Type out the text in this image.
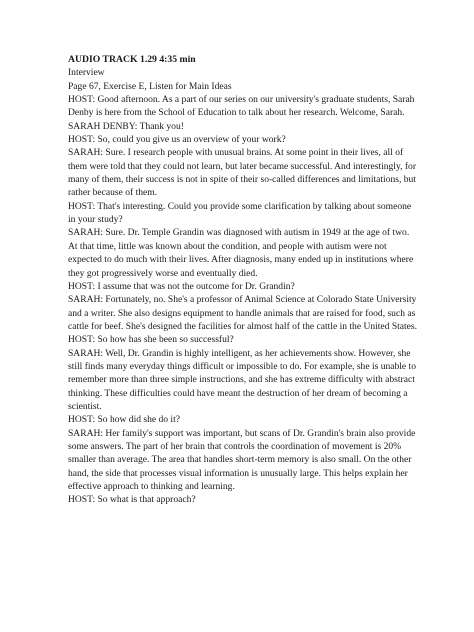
AUDIO TRACK 1.29 4:35 min

Interview

Page 67, Exercise E, Listen for Main Ideas

HOST: Good afternoon. As a part of our series on our university's graduate students, Sarah Denby is here from the School of Education to talk about her research. Welcome, Sarah.

SARAH DENBY: Thank you!

HOST: So, could you give us an overview of your work?

SARAH: Sure. I research people with unusual brains. At some point in their lives, all of them were told that they could not learn, but later became successful. And interestingly, for many of them, their success is not in spite of their so-called differences and limitations, but rather because of them.

HOST: That's interesting. Could you provide some clarification by talking about someone in your study?

SARAH: Sure. Dr. Temple Grandin was diagnosed with autism in 1949 at the age of two. At that time, little was known about the condition, and people with autism were not expected to do much with their lives. After diagnosis, many ended up in institutions where they got progressively worse and eventually died.

HOST: I assume that was not the outcome for Dr. Grandin?

SARAH: Fortunately, no. She's a professor of Animal Science at Colorado State University and a writer. She also designs equipment to handle animals that are raised for food, such as cattle for beef. She's designed the facilities for almost half of the cattle in the United States.

HOST: So how has she been so successful?

SARAH: Well, Dr. Grandin is highly intelligent, as her achievements show. However, she still finds many everyday things difficult or impossible to do. For example, she is unable to remember more than three simple instructions, and she has extreme difficulty with abstract thinking. These difficulties could have meant the destruction of her dream of becoming a scientist.

HOST: So how did she do it?

SARAH: Her family's support was important, but scans of Dr. Grandin's brain also provide some answers. The part of her brain that controls the coordination of movement is 20% smaller than average. The area that handles short-term memory is also small. On the other hand, the side that processes visual information is unusually large. This helps explain her effective approach to thinking and learning.

HOST: So what is that approach?
